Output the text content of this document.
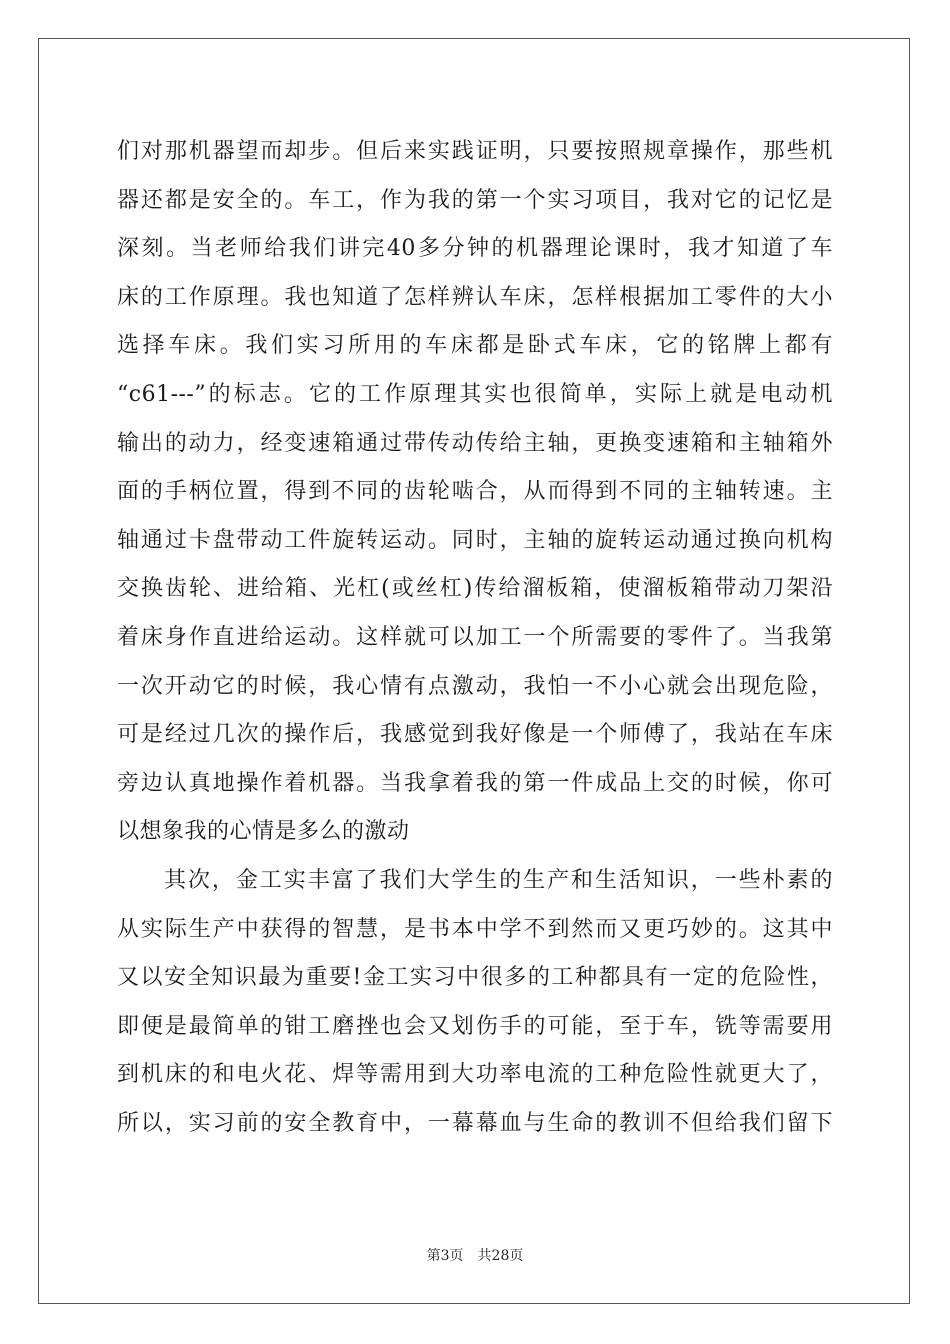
们对那机器望而却步。但后来实践证明，只要按照规章操作，那些机
器还都是安全的。车工，作为我的第一个实习项目，我对它的记忆是
深刻。当老师给我们讲完40多分钟的机器理论课时，我才知道了车
床的工作原理。我也知道了怎样辨认车床，怎样根据加工零件的大小
选择车床。我们实习所用的车床都是卧式车床，它的铭牌上都有
“c61---”的标志。它的工作原理其实也很简单，实际上就是电动机
输出的动力，经变速箱通过带传动传给主轴，更换变速箱和主轴箱外
面的手柄位置，得到不同的齿轮啮合，从而得到不同的主轴转速。主
轴通过卡盘带动工件旋转运动。同时，主轴的旋转运动通过换向机构
交换齿轮、进给箱、光杠(或丝杠)传给溜板箱，使溜板箱带动刀架沿
着床身作直进给运动。这样就可以加工一个所需要的零件了。当我第
一次开动它的时候，我心情有点激动，我怕一不小心就会出现危险，
可是经过几次的操作后，我感觉到我好像是一个师傅了，我站在车床
旁边认真地操作着机器。当我拿着我的第一件成品上交的时候，你可
以想象我的心情是多么的激动
其次，金工实丰富了我们大学生的生产和生活知识，一些朴素的
从实际生产中获得的智慧，是书本中学不到然而又更巧妙的。这其中
又以安全知识最为重要!金工实习中很多的工种都具有一定的危险性，
即便是最简单的钳工磨挫也会又划伤手的可能，至于车，铣等需要用
到机床的和电火花、焊等需用到大功率电流的工种危险性就更大了，
所以，实习前的安全教育中，一幕幕血与生命的教训不但给我们留下
第3页 共28页
